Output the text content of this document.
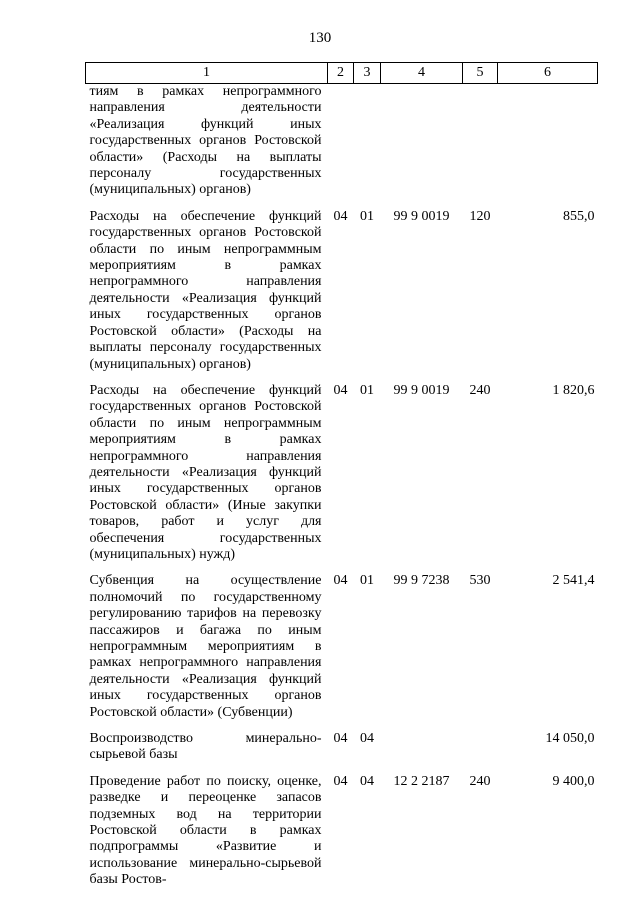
130
1	2	3	4	5	6
тиям в рамках непрограммного направления деятельности «Реализация функций иных государственных органов Ростовской области» (Расходы на выплаты персоналу государственных (муниципальных) органов)					
Расходы на обеспечение функций государственных органов Ростовской области по иным непрограммным мероприятиям в рамках непрограммного направления деятельности «Реализация функций иных государственных органов Ростовской области» (Расходы на выплаты персоналу государственных (муниципальных) органов)	04	01	99 9 0019	120	855,0
Расходы на обеспечение функций государственных органов Ростовской области по иным непрограммным мероприятиям в рамках непрограммного направления деятельности «Реализация функций иных государственных органов Ростовской области» (Иные закупки товаров, работ и услуг для обеспечения государственных (муниципальных) нужд)	04	01	99 9 0019	240	1 820,6
Субвенция на осуществление полномочий по государственному регулированию тарифов на перевозку пассажиров и багажа по иным непрограммным мероприятиям в рамках непрограммного направления деятельности «Реализация функций иных государственных органов Ростовской области» (Субвенции)	04	01	99 9 7238	530	2 541,4
Воспроизводство минерально-сырьевой базы	04	04			14 050,0
Проведение работ по поиску, оценке, разведке и переоценке запасов подземных вод на территории Ростовской области в рамках подпрограммы «Развитие и использование минерально-сырьевой базы Ростов-	04	04	12 2 2187	240	9 400,0
